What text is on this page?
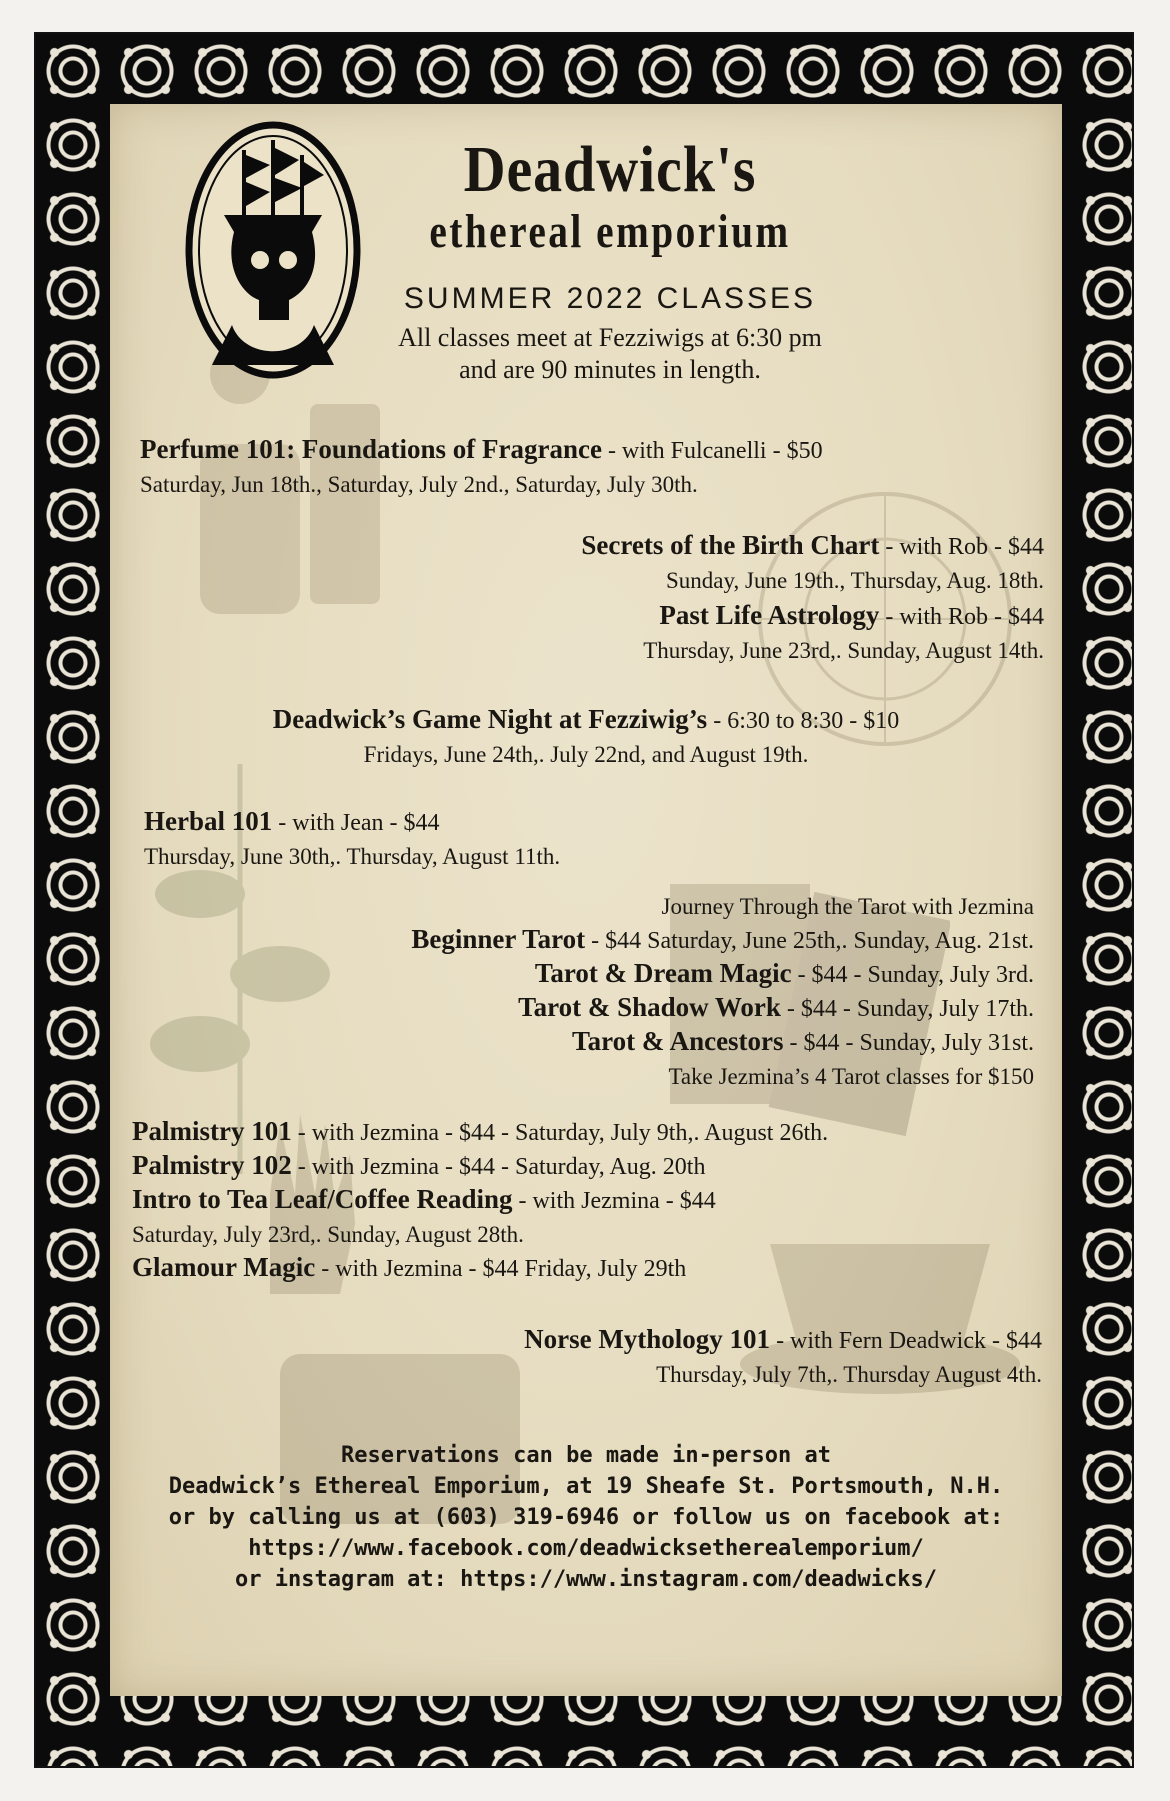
Deadwick's
ethereal emporium
SUMMER 2022 CLASSES
All classes meet at Fezziwigs at 6:30 pm
and are 90 minutes in length.
Perfume 101: Foundations of Fragrance - with Fulcanelli - $50
Saturday, Jun 18th., Saturday, July 2nd., Saturday, July 30th.
Secrets of the Birth Chart - with Rob - $44
Sunday, June 19th., Thursday, Aug. 18th.
Past Life Astrology - with Rob - $44
Thursday, June 23rd,. Sunday, August 14th.
Deadwick’s Game Night at Fezziwig’s - 6:30 to 8:30 - $10
Fridays, June 24th,. July 22nd, and August 19th.
Herbal 101 - with Jean - $44
Thursday, June 30th,. Thursday, August 11th.
Journey Through the Tarot with Jezmina
Beginner Tarot - $44 Saturday, June 25th,. Sunday, Aug. 21st.
Tarot & Dream Magic - $44 - Sunday, July 3rd.
Tarot & Shadow Work - $44 - Sunday, July 17th.
Tarot & Ancestors - $44 - Sunday, July 31st.
Take Jezmina’s 4 Tarot classes for $150
Palmistry 101 - with Jezmina - $44 - Saturday, July 9th,. August 26th.
Palmistry 102 - with Jezmina - $44 - Saturday, Aug. 20th
Intro to Tea Leaf/Coffee Reading - with Jezmina - $44
Saturday, July 23rd,. Sunday, August 28th.
Glamour Magic - with Jezmina - $44 Friday, July 29th
Norse Mythology 101 - with Fern Deadwick - $44
Thursday, July 7th,. Thursday August 4th.
Reservations can be made in-person at
Deadwick’s Ethereal Emporium, at 19 Sheafe St. Portsmouth, N.H.
or by calling us at (603) 319-6946 or follow us on facebook at:
https://www.facebook.com/deadwicksetherealemporium/
or instagram at: https://www.instagram.com/deadwicks/
